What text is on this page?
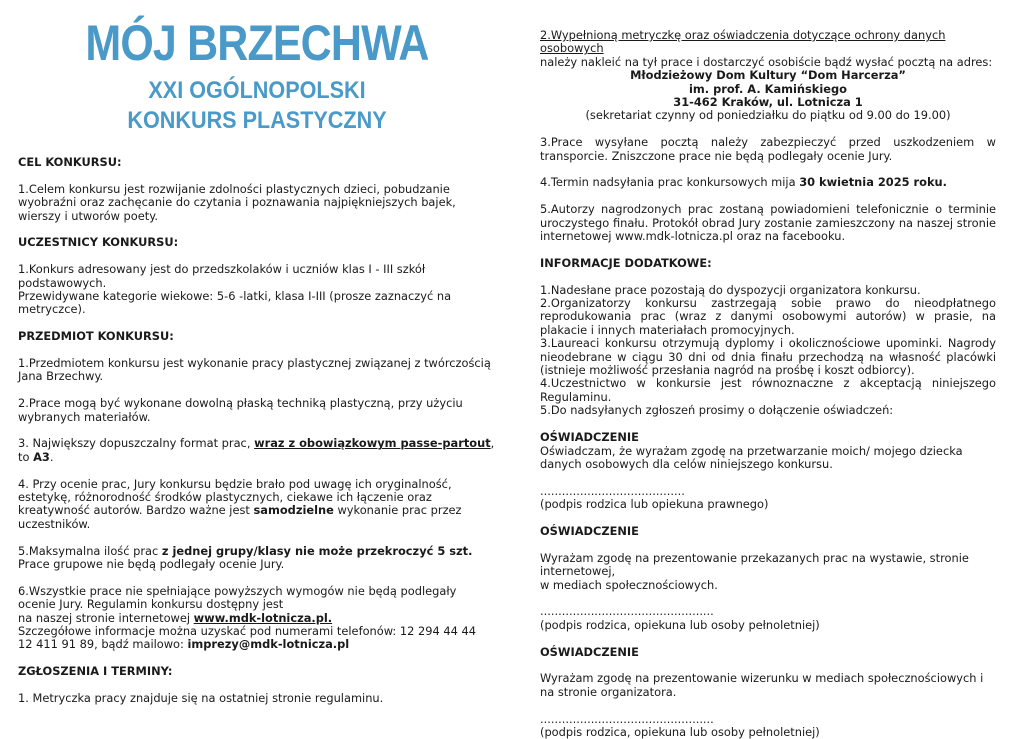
MÓJ BRZECHWA
XXI OGÓLNOPOLSKI
KONKURS PLASTYCZNY

CEL KONKURSU:

1.Celem konkursu jest rozwijanie zdolności plastycznych dzieci, pobudzanie wyobraźni oraz zachęcanie do czytania i poznawania najpiękniejszych bajek, wierszy i utworów poety.

UCZESTNICY KONKURSU:

1.Konkurs adresowany jest do przedszkolaków i uczniów klas I - III szkół podstawowych.

Przewidywane kategorie wiekowe: 5-6 -latki, klasa I-III (prosze zaznaczyć na metryczce).

PRZEDMIOT KONKURSU:

1.Przedmiotem konkursu jest wykonanie pracy plastycznej związanej z twórczością Jana Brzechwy.

2.Prace mogą być wykonane dowolną płaską techniką plastyczną, przy użyciu wybranych materiałów.

3. Największy dopuszczalny format prac, wraz z obowiązkowym passe-partout, to A3.

4. Przy ocenie prac, Jury konkursu będzie brało pod uwagę ich oryginalność, estetykę, różnorodność środków plastycznych, ciekawe ich łączenie oraz kreatywność autorów. Bardzo ważne jest samodzielne wykonanie prac przez uczestników.

5.Maksymalna ilość prac z jednej grupy/klasy nie może przekroczyć 5 szt. Prace grupowe nie będą podlegały ocenie Jury.

6.Wszystkie prace nie spełniające powyższych wymogów nie będą podlegały ocenie Jury. Regulamin konkursu dostępny jest

na naszej stronie internetowej www.mdk-lotnicza.pl.

Szczegółowe informacje można uzyskać pod numerami telefonów: 12 294 44 44

12 411 91 89, bądź mailowo: imprezy@mdk-lotnicza.pl

ZGŁOSZENIA I TERMINY:

1. Metryczka pracy znajduje się na ostatniej stronie regulaminu.

2.Wypełnioną metryczkę oraz oświadczenia dotyczące ochrony danych osobowych

należy nakleić na tył prace i dostarczyć osobiście bądź wysłać pocztą na adres:

Młodzieżowy Dom Kultury “Dom Harcerza”

im. prof. A. Kamińskiego

31-462 Kraków, ul. Lotnicza 1

(sekretariat czynny od poniedziałku do piątku od 9.00 do 19.00)

3.Prace wysyłane pocztą należy zabezpieczyć przed uszkodzeniem w transporcie. Zniszczone prace nie będą podlegały ocenie Jury.

4.Termin nadsyłania prac konkursowych mija 30 kwietnia 2025 roku.

5.Autorzy nagrodzonych prac zostaną powiadomieni telefonicznie o terminie uroczystego finału. Protokół obrad Jury zostanie zamieszczony na naszej stronie internetowej www.mdk-lotnicza.pl oraz na facebooku.

INFORMACJE DODATKOWE:

1.Nadesłane prace pozostają do dyspozycji organizatora konkursu.

2.Organizatorzy konkursu zastrzegają sobie prawo do nieodpłatnego reprodukowania prac (wraz z danymi osobowymi autorów) w prasie, na plakacie i innych materiałach promocyjnych.

3.Laureaci konkursu otrzymują dyplomy i okolicznościowe upominki. Nagrody nieodebrane w ciągu 30 dni od dnia finału przechodzą na własność placówki (istnieje możliwość przesłania nagród na prośbę i koszt odbiorcy).

4.Uczestnictwo w konkursie jest równoznaczne z akceptacją niniejszego Regulaminu.

5.Do nadsyłanych zgłoszeń prosimy o dołączenie oświadczeń:

OŚWIADCZENIE

Oświadczam, że wyrażam zgodę na przetwarzanie moich/ mojego dziecka danych osobowych dla celów niniejszego konkursu.

........................................

(podpis rodzica lub opiekuna prawnego)

OŚWIADCZENIE

Wyrażam zgodę na prezentowanie przekazanych prac na wystawie, stronie internetowej,

w mediach społecznościowych.

................................................

(podpis rodzica, opiekuna lub osoby pełnoletniej)

OŚWIADCZENIE

Wyrażam zgodę na prezentowanie wizerunku w mediach społecznościowych i na stronie organizatora.

................................................

(podpis rodzica, opiekuna lub osoby pełnoletniej)
